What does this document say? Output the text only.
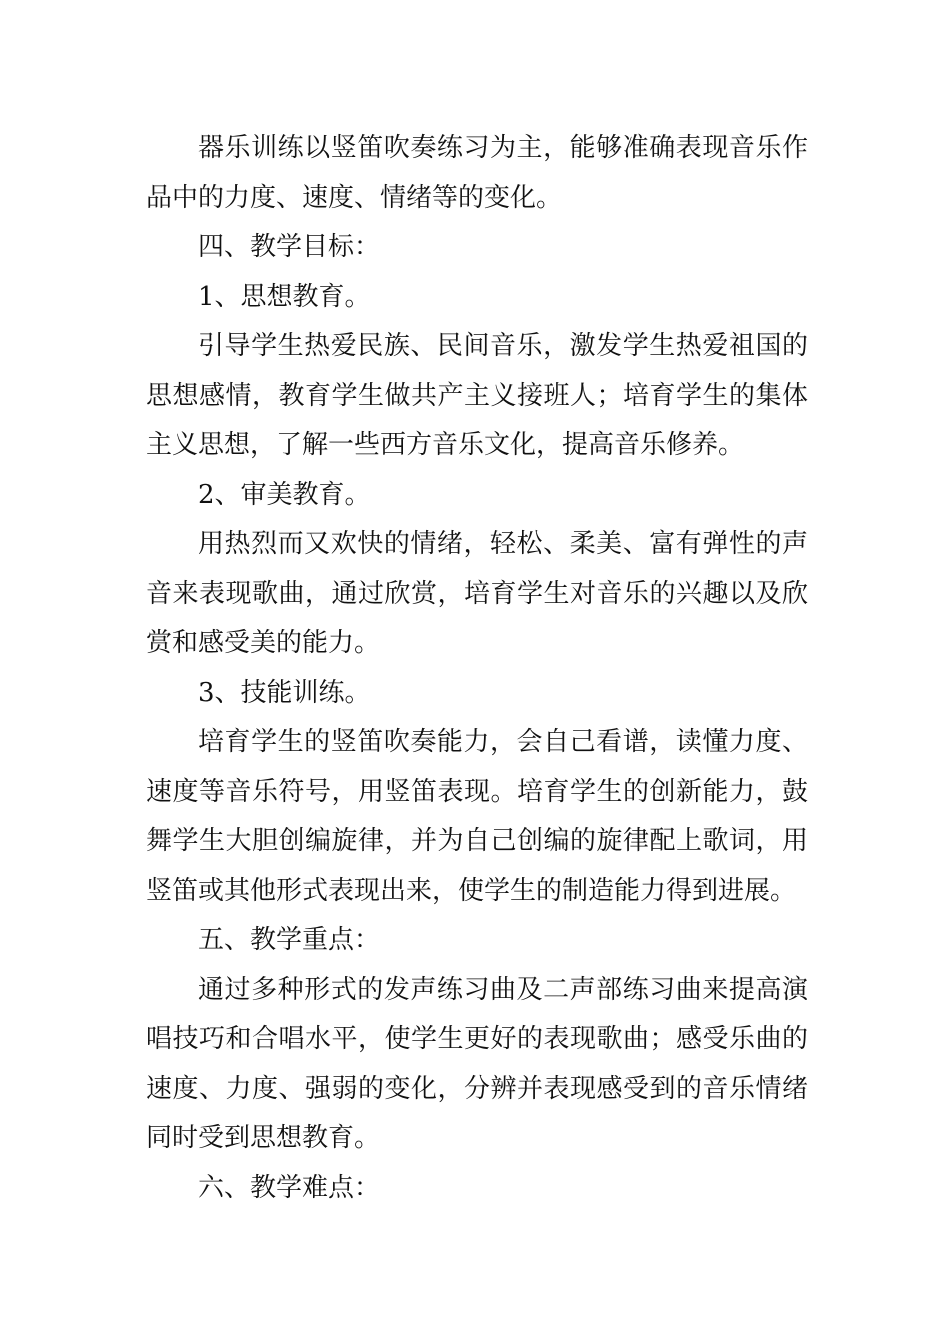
器乐训练以竖笛吹奏练习为主，能够准确表现音乐作品中的力度、速度、情绪等的变化。

四、教学目标：

1、思想教育。

引导学生热爱民族、民间音乐，激发学生热爱祖国的思想感情，教育学生做共产主义接班人；培育学生的集体主义思想，了解一些西方音乐文化，提高音乐修养。

2、审美教育。

用热烈而又欢快的情绪，轻松、柔美、富有弹性的声音来表现歌曲，通过欣赏，培育学生对音乐的兴趣以及欣赏和感受美的能力。

3、技能训练。

培育学生的竖笛吹奏能力，会自己看谱，读懂力度、速度等音乐符号，用竖笛表现。培育学生的创新能力，鼓舞学生大胆创编旋律，并为自己创编的旋律配上歌词，用竖笛或其他形式表现出来，使学生的制造能力得到进展。

五、教学重点：

通过多种形式的发声练习曲及二声部练习曲来提高演唱技巧和合唱水平，使学生更好的表现歌曲；感受乐曲的速度、力度、强弱的变化，分辨并表现感受到的音乐情绪同时受到思想教育。

六、教学难点：
